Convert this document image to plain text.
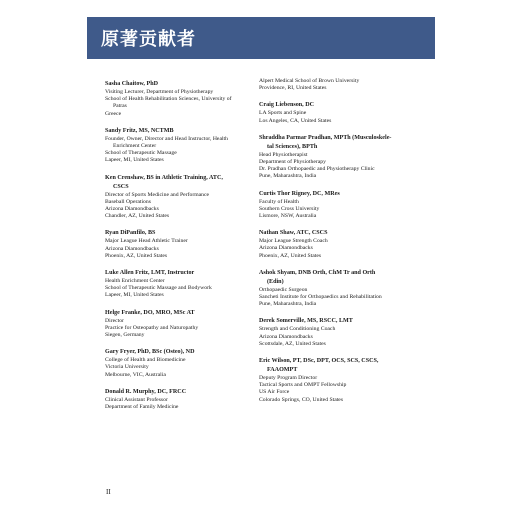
原著贡献者
Sasha Chaitow, PhD
Visiting Lecturer, Department of Physiotherapy
School of Health Rehabilitation Sciences, University of
Patras
Greece
Sandy Fritz, MS, NCTMB
Founder, Owner, Director and Head Instructor, Health
Enrichment Center
School of Therapeutic Massage
Lapeer, MI, United States
Ken Crenshaw, BS in Athletic Training, ATC,
CSCS
Director of Sports Medicine and Performance
Baseball Operations
Arizona Diamondbacks
Chandler, AZ, United States
Ryan DiPanfilo, BS
Major League Head Athletic Trainer
Arizona Diamondbacks
Phoenix, AZ, United States
Luke Allen Fritz, LMT, Instructor
Health Enrichment Center
School of Therapeutic Massage and Bodywork
Lapeer, MI, United States
Helge Franke, DO, MRO, MSc AT
Director
Practice for Osteopathy and Naturopathy
Siegen, Germany
Gary Fryer, PhD, BSc (Osteo), ND
College of Health and Biomedicine
Victoria University
Melbourne, VIC, Australia
Donald R. Murphy, DC, FRCC
Clinical Assistant Professor
Department of Family Medicine
Alpert Medical School of Brown University
Providence, RI, United States
Craig Liebenson, DC
LA Sports and Spine
Los Angeles, CA, United States
Shraddha Parmar Pradhan, MPTh (Musculoskele-
tal Sciences), BPTh
Head Physiotherapist
Department of Physiotherapy
Dr. Pradhan Orthopaedic and Physiotherapy Clinic
Pune, Maharashtra, India
Curtis Thor Rigney, DC, MRes
Faculty of Health
Southern Cross University
Lismore, NSW, Australia
Nathan Shaw, ATC, CSCS
Major League Strength Coach
Arizona Diamondbacks
Phoenix, AZ, United States
Ashok Shyam, DNB Orth, ChM Tr and Orth
(Edin)
Orthopaedic Surgeon
Sancheti Institute for Orthopaedics and Rehabilitation
Pune, Maharashtra, India
Derek Somerville, MS, RSCC, LMT
Strength and Conditioning Coach
Arizona Diamondbacks
Scottsdale, AZ, United States
Eric Wilson, PT, DSc, DPT, OCS, SCS, CSCS,
FAAOMPT
Deputy Program Director
Tactical Sports and OMPT Fellowship
US Air Force
Colorado Springs, CO, United States
II
